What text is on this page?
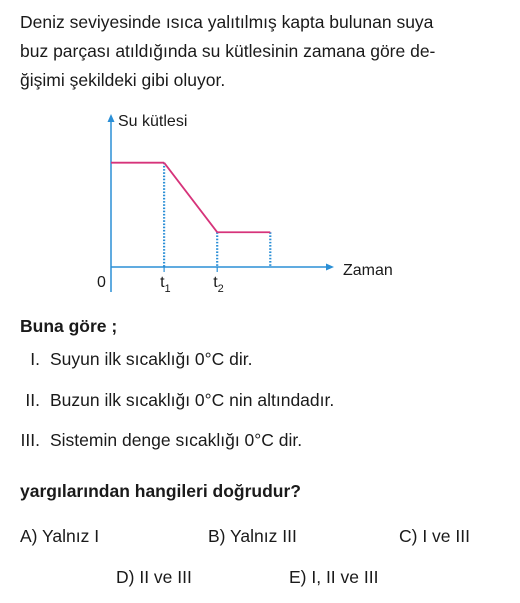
Deniz seviyesinde ısıca yalıtılmış kapta bulunan suya
buz parçası atıldığında su kütlesinin zamana göre de-
ğişimi şekildeki gibi oluyor.
Su kütlesi
Zaman
0	$t_1$	$t_2$
Buna göre ;
I. Suyun ilk sıcaklığı 0°C dir.
II. Buzun ilk sıcaklığı 0°C nin altındadır.
III. Sistemin denge sıcaklığı 0°C dir.
yargılarından hangileri doğrudur?
A) Yalnız I	B) Yalnız III	C) I ve III
D) II ve III	E) I, II ve III
